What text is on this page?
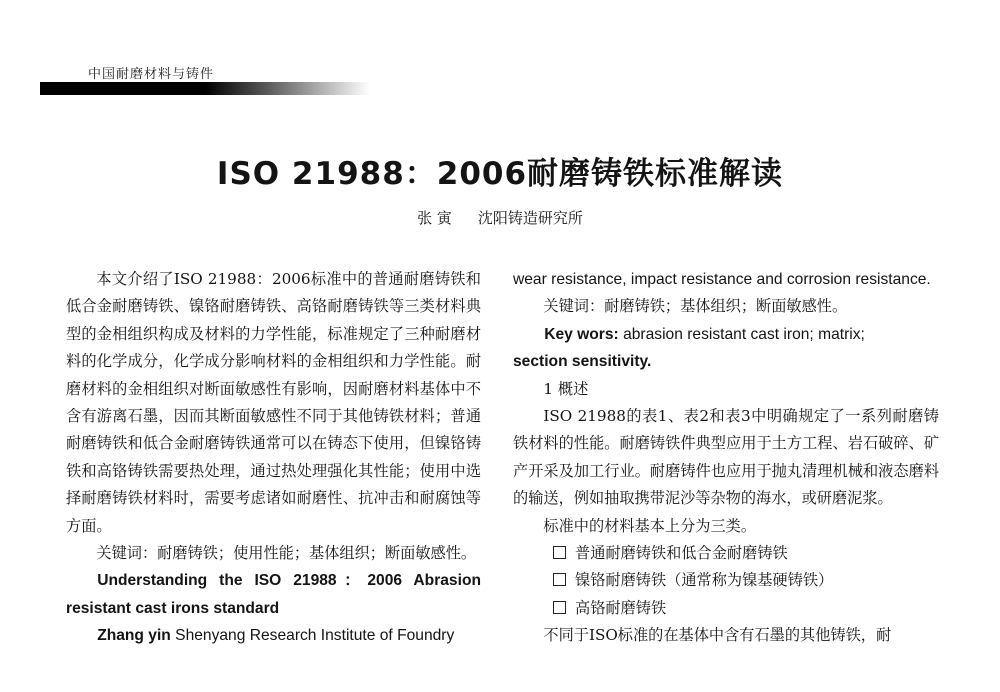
中国耐磨材料与铸件
ISO 21988：2006耐磨铸铁标准解读
张 寅 沈阳铸造研究所

本文介绍了ISO 21988：2006标准中的普通耐磨铸铁和低合金耐磨铸铁、镍铬耐磨铸铁、高铬耐磨铸铁等三类材料典型的金相组织构成及材料的力学性能，标准规定了三种耐磨材料的化学成分，化学成分影响材料的金相组织和力学性能。耐磨材料的金相组织对断面敏感性有影响，因耐磨材料基体中不含有游离石墨，因而其断面敏感性不同于其他铸铁材料；普通耐磨铸铁和低合金耐磨铸铁通常可以在铸态下使用，但镍铬铸铁和高铬铸铁需要热处理，通过热处理强化其性能；使用中选择耐磨铸铁材料时，需要考虑诸如耐磨性、抗冲击和耐腐蚀等方面。

关键词：耐磨铸铁；使用性能；基体组织；断面敏感性。

Understanding the ISO 21988：2006 Abrasion resistant cast irons standard

Zhang yin Shenyang Research Institute of Foundry

wear resistance, impact resistance and corrosion resistance.

关键词：耐磨铸铁；基体组织；断面敏感性。

Key wors: abrasion resistant cast iron; matrix;

section sensitivity.

1 概述

ISO 21988的表1、表2和表3中明确规定了一系列耐磨铸铁材料的性能。耐磨铸铁件典型应用于土方工程、岩石破碎、矿产开采及加工行业。耐磨铸件也应用于抛丸清理机械和液态磨料的输送，例如抽取携带泥沙等杂物的海水，或研磨泥浆。

标准中的材料基本上分为三类。

普通耐磨铸铁和低合金耐磨铸铁

镍铬耐磨铸铁（通常称为镍基硬铸铁）

高铬耐磨铸铁

不同于ISO标准的在基体中含有石墨的其他铸铁，耐
